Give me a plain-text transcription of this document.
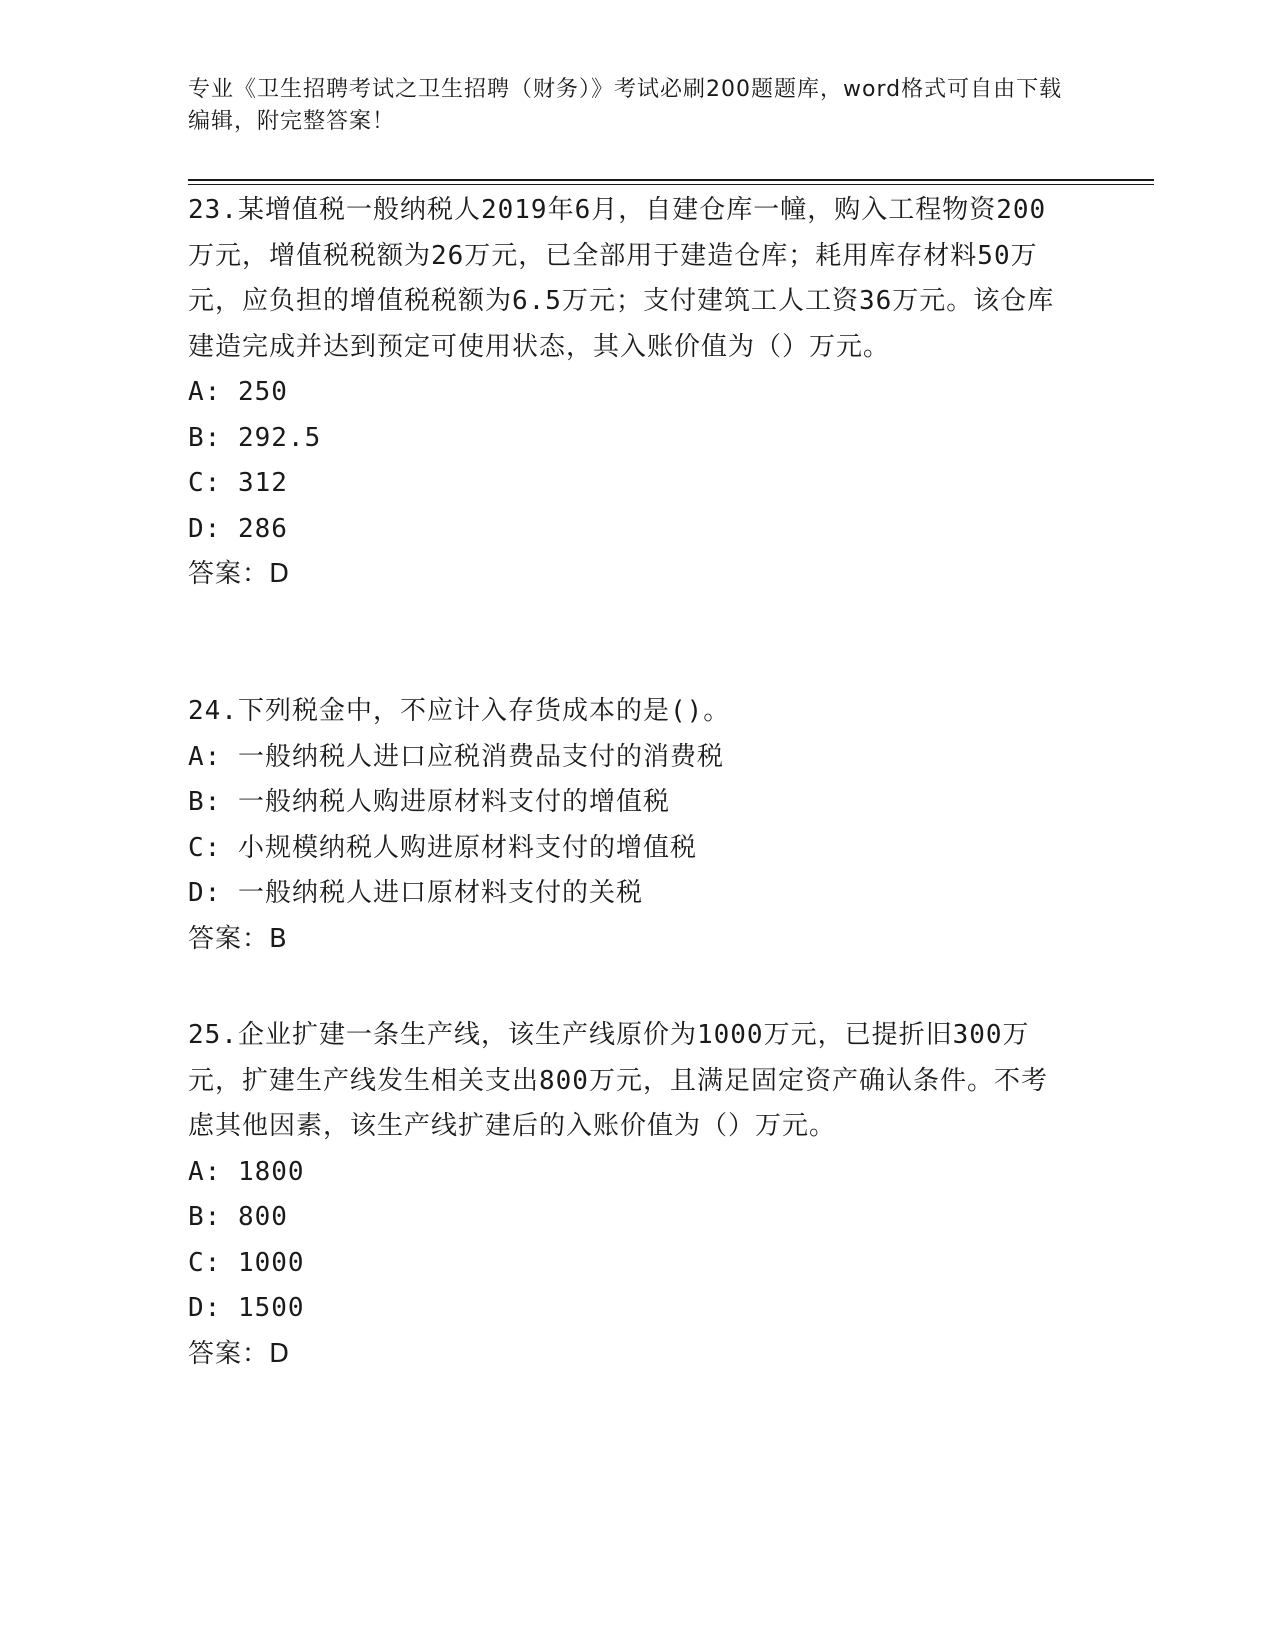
专业《卫生招聘考试之卫生招聘（财务）》考试必刷200题题库，word格式可自由下载编辑，附完整答案！

23.某增值税一般纳税人2019年6月，自建仓库一幢，购入工程物资200万元，增值税税额为26万元，已全部用于建造仓库；耗用库存材料50万元，应负担的增值税税额为6.5万元；支付建筑工人工资36万元。该仓库建造完成并达到预定可使用状态，其入账价值为（）万元。

A: 250

B: 292.5

C: 312

D: 286

答案：D

24.下列税金中，不应计入存货成本的是()。

A: 一般纳税人进口应税消费品支付的消费税

B: 一般纳税人购进原材料支付的增值税

C: 小规模纳税人购进原材料支付的增值税

D: 一般纳税人进口原材料支付的关税

答案：B

25.企业扩建一条生产线，该生产线原价为1000万元，已提折旧300万元，扩建生产线发生相关支出800万元，且满足固定资产确认条件。不考虑其他因素，该生产线扩建后的入账价值为（）万元。

A: 1800

B: 800

C: 1000

D: 1500

答案：D
